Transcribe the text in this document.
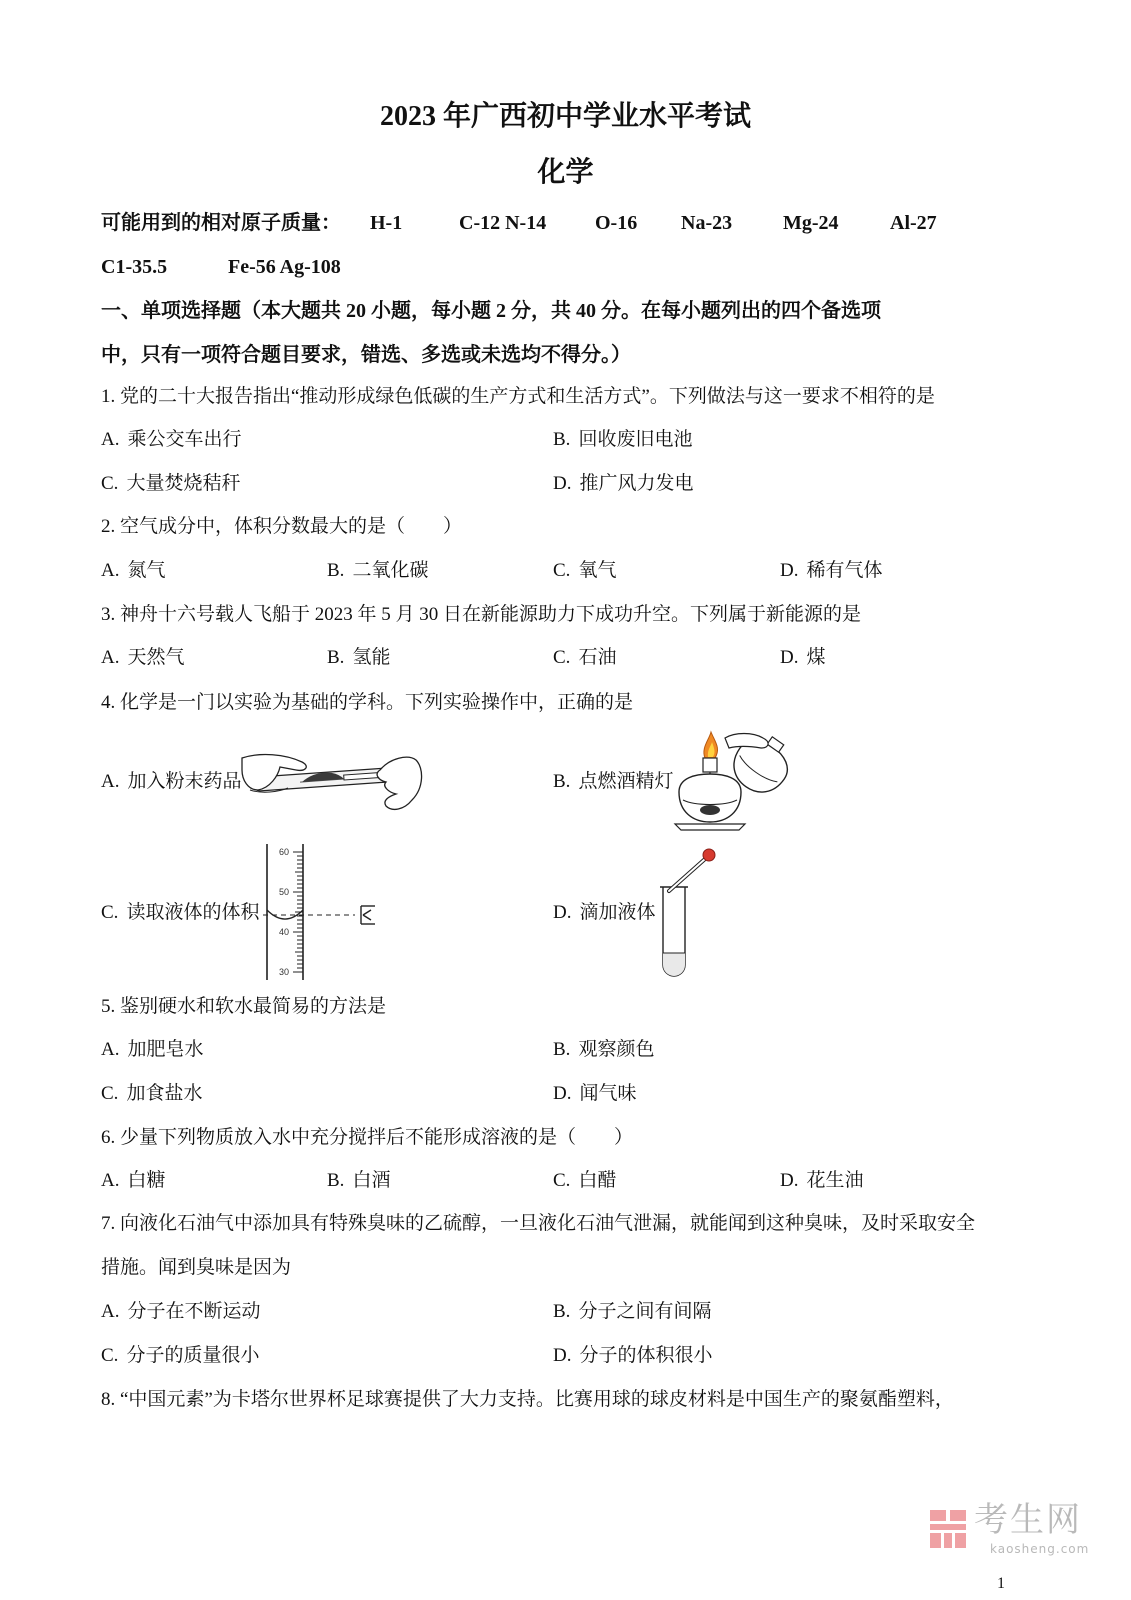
2023 年广西初中学业水平考试
化学
可能用到的相对原子质量： H-1	C-12 N-14 O-16 Na-23	Mg-24	Al-27
C1-35.5	Fe-56 Ag-108
一、单项选择题（本大题共 20 小题，每小题 2 分，共 40 分。在每小题列出的四个备选项
中，只有一项符合题目要求，错选、多选或未选均不得分。）
1. 党的二十大报告指出“推动形成绿色低碳的生产方式和生活方式”。下列做法与这一要求不相符的是
A. 乘公交车出行	B. 回收废旧电池
C. 大量焚烧秸秆	D. 推广风力发电
2. 空气成分中，体积分数最大的是（　　）
A. 氮气	B. 二氧化碳	C. 氧气	D. 稀有气体
3. 神舟十六号载人飞船于 2023 年 5 月 30 日在新能源助力下成功升空。下列属于新能源的是
A. 天然气	B. 氢能	C. 石油	D. 煤
4. 化学是一门以实验为基础的学科。下列实验操作中，正确的是
A. 加入粉末药品	B. 点燃酒精灯
C. 读取液体的体积	D. 滴加液体
60
50
40
30
5. 鉴别硬水和软水最简易的方法是
A. 加肥皂水	B. 观察颜色
C. 加食盐水	D. 闻气味
6. 少量下列物质放入水中充分搅拌后不能形成溶液的是（　　）
A. 白糖	B. 白酒	C. 白醋	D. 花生油
7. 向液化石油气中添加具有特殊臭味的乙硫醇，一旦液化石油气泄漏，就能闻到这种臭味，及时采取安全
措施。闻到臭味是因为
A. 分子在不断运动	B. 分子之间有间隔
C. 分子的质量很小	D. 分子的体积很小
8. “中国元素”为卡塔尔世界杯足球赛提供了大力支持。比赛用球的球皮材料是中国生产的聚氨酯塑料，
考生网
kaosheng.com
1
